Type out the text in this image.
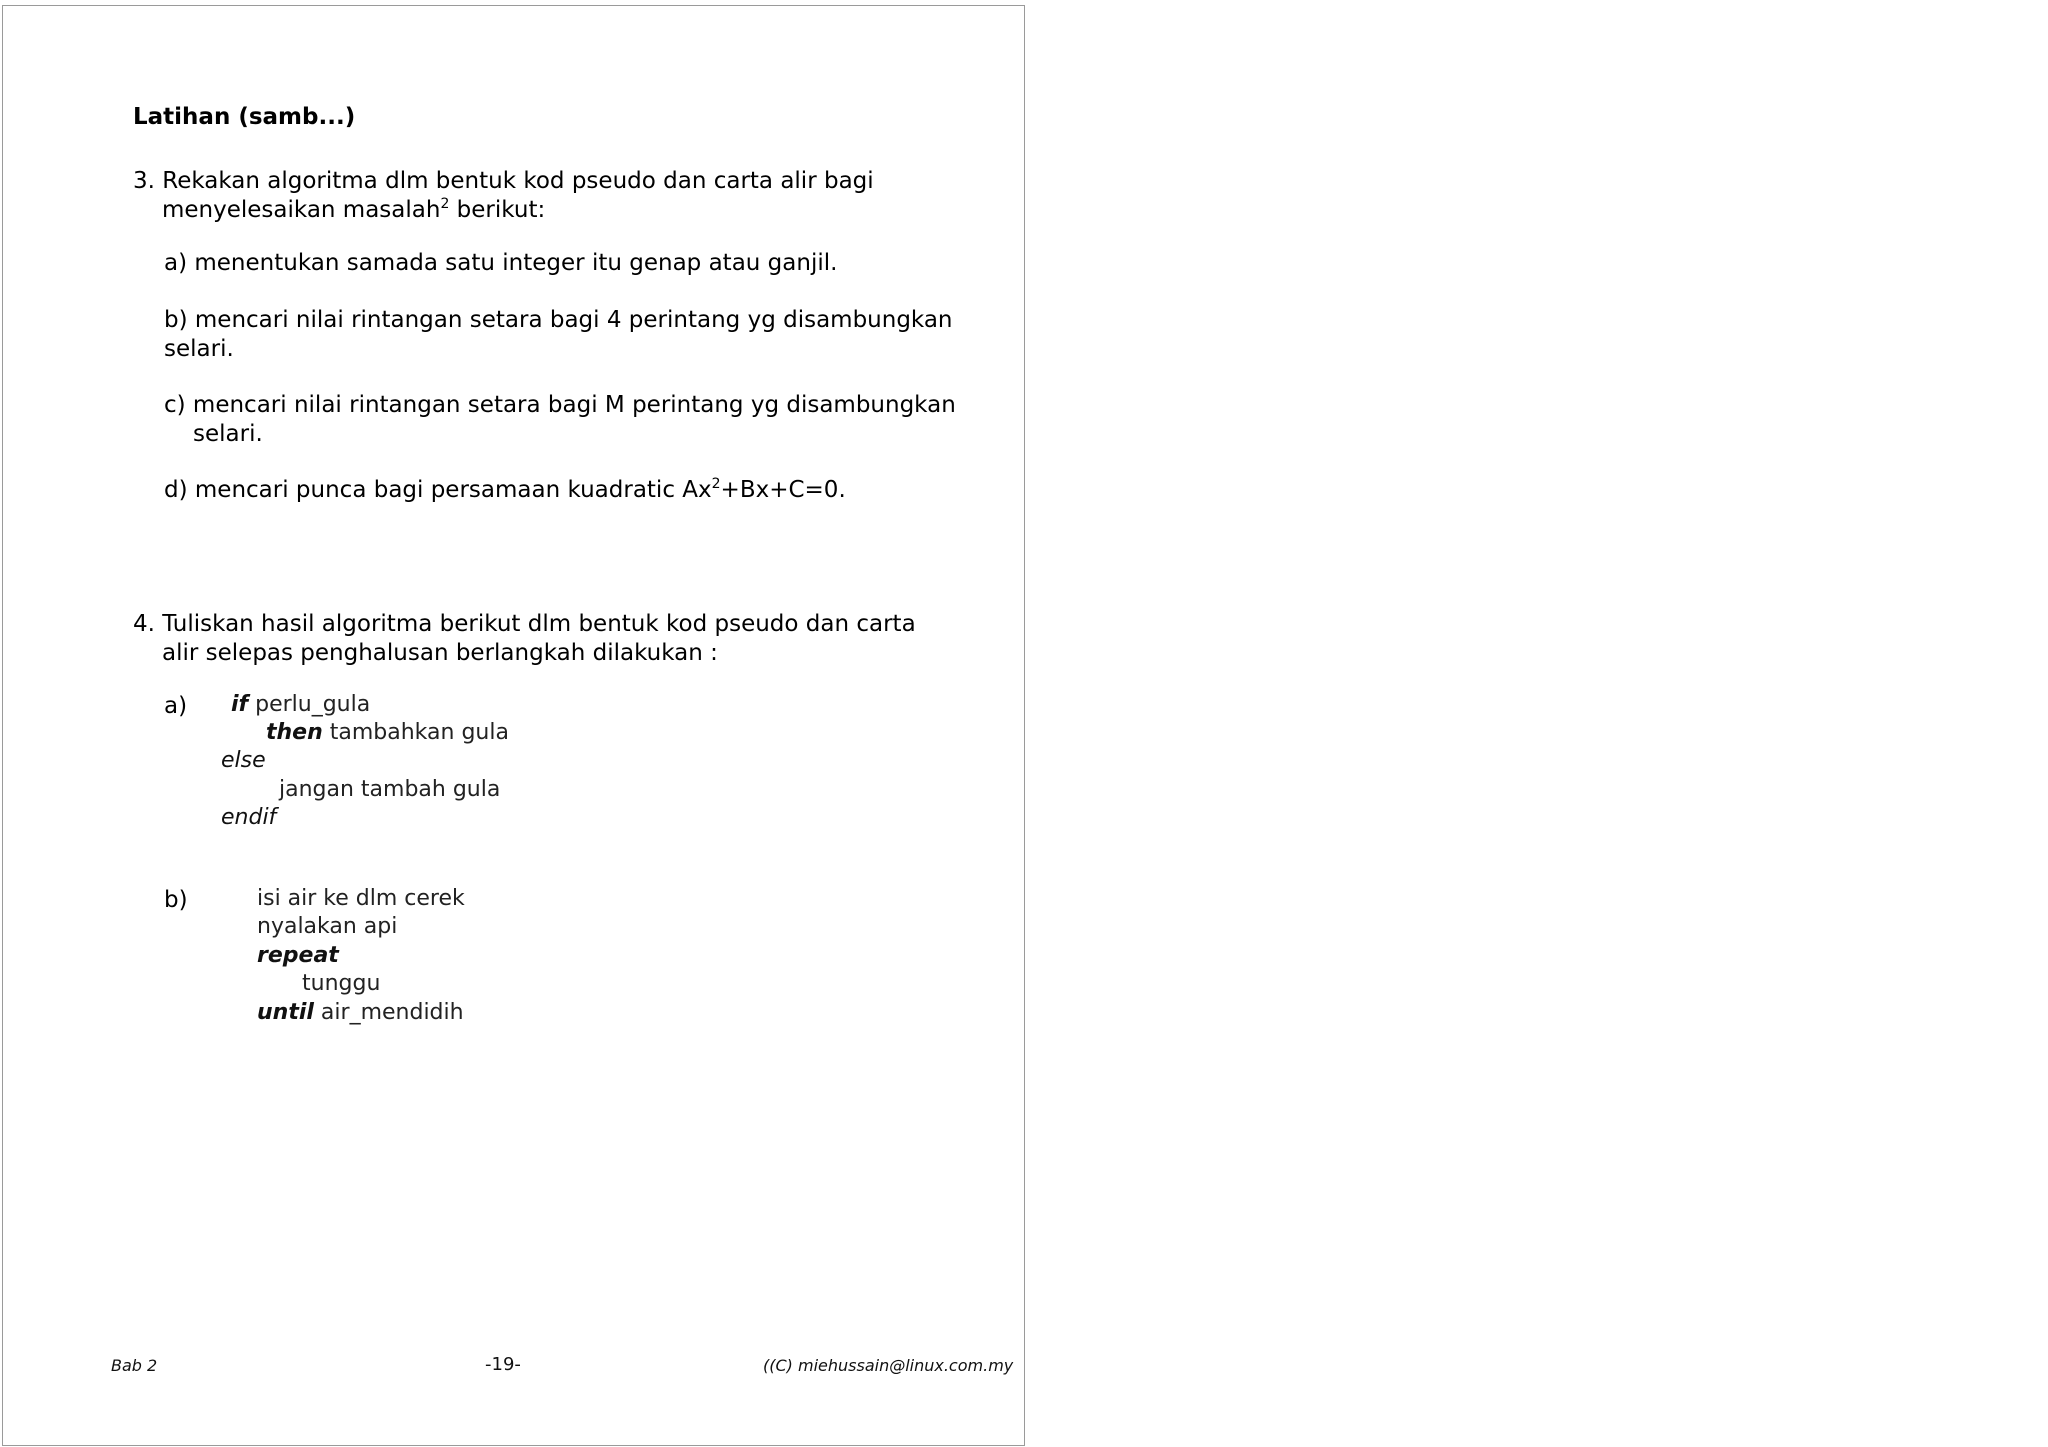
Latihan (samb...)
3. Rekakan algoritma dlm bentuk kod pseudo dan carta alir bagi
menyelesaikan masalah$^2$ berikut:
a) menentukan samada satu integer itu genap atau ganjil.
b) mencari nilai rintangan setara bagi 4 perintang yg disambungkan
selari.
c) mencari nilai rintangan setara bagi M perintang yg disambungkan
selari.
d) mencari punca bagi persamaan kuadratic $Ax^2+Bx+C=0$.
4. Tuliskan hasil algoritma berikut dlm bentuk kod pseudo dan carta
alir selepas penghalusan berlangkah dilakukan :
a) if perlu_gula
then tambahkan gula
else
jangan tambah gula
endif
b)	isi air ke dlm cerek
nyalakan api
repeat
tunggu
until air_mendidih
Bab 2	-19-	((C) miehussain@linux.com.my
